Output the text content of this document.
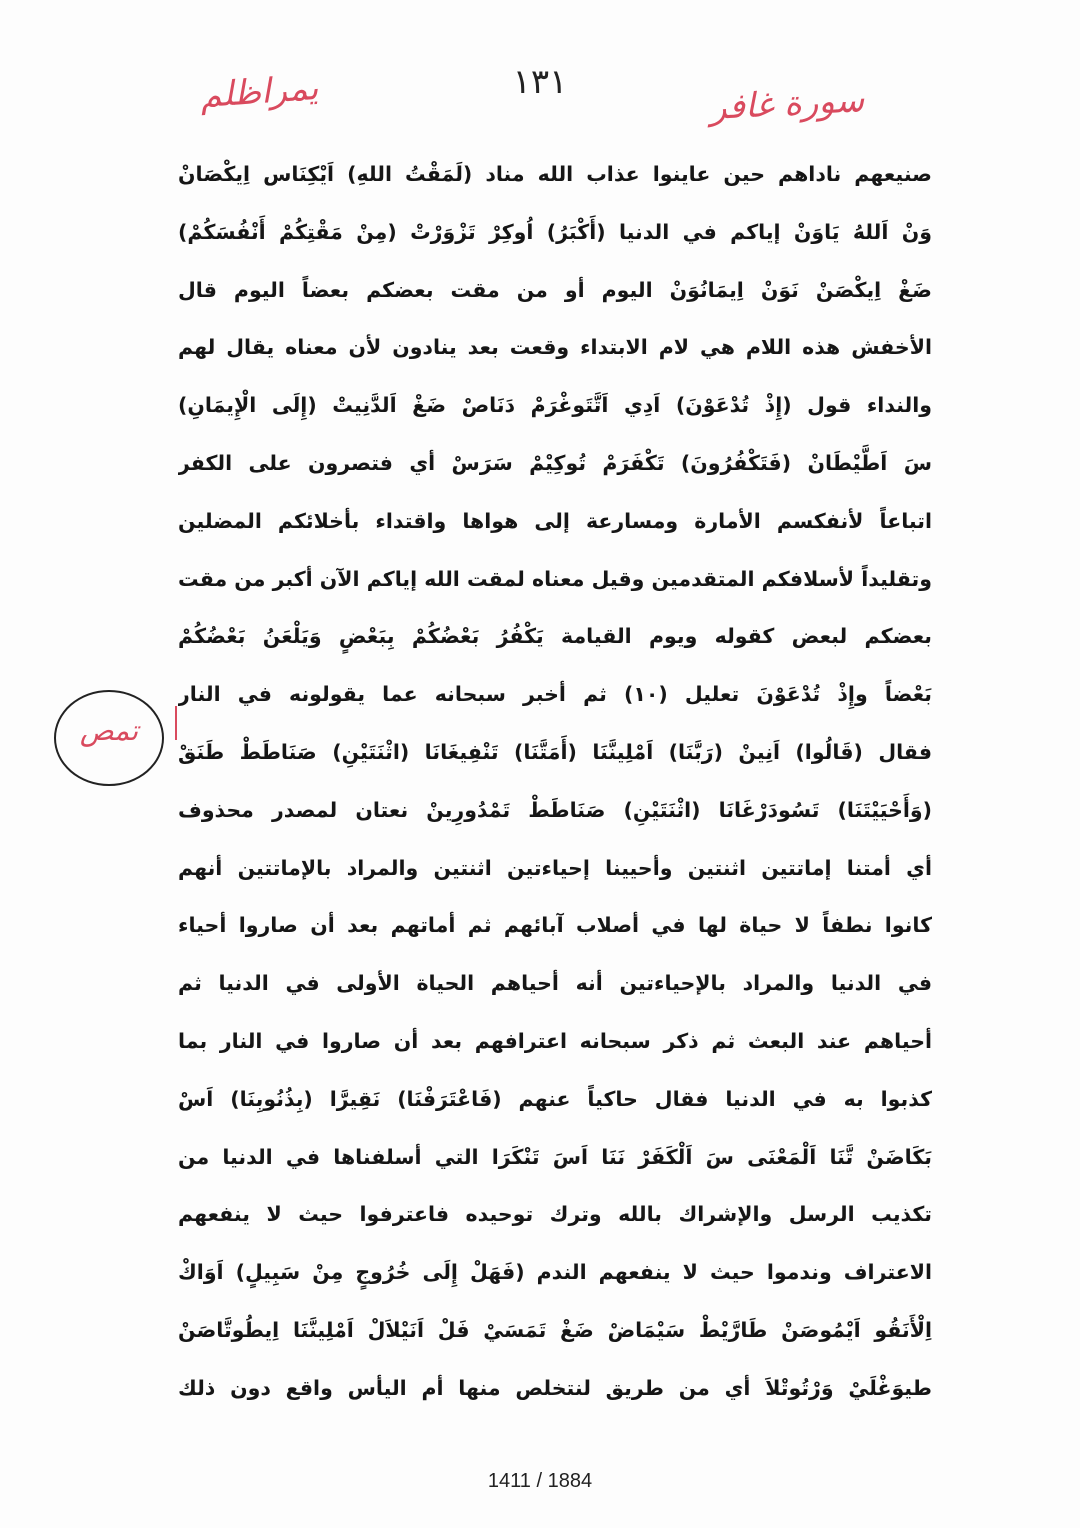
١٣١
يمراظلم	سورة غافر
تمص
صنيعهم ناداهم حين عاينوا عذاب الله مناد (لَمَقْتُ اللهِ) اَيْكِنَاس اِيكْصَانْ
وَنْ اَللهُ يَاوَنْ إياكم في الدنيا (أَكْبَرُ) اُوكِرْ تَزْوَرْتْ (مِنْ مَقْتِكُمْ أَنْفُسَكُمْ)
ضَغْ اِيكْصَنْ نَوَنْ اِيمَانُوَنْ اليوم أو من مقت بعضكم بعضاً اليوم قال
الأخفش هذه اللام هي لام الابتداء وقعت بعد ينادون لأن معناه يقال لهم
والنداء قول (إِذْ تُدْعَوْنَ) اَدِي اَتَّتَوغْرَمْ دَنَاصْ ضَغْ اَلدَّنِيتْ (إِلَى الْإِيمَانِ)
سَ اَطَّيْطَانْ (فَتَكْفُرُونَ) تَكْفَرَمْ تُوكِيْمْ سَرَسْ أي فتصرون على الكفر
اتباعاً لأنفكسم الأمارة ومسارعة إلى هواها واقتداء بأخلائكم المضلين
وتقليداً لأسلافكم المتقدمين وقيل معناه لمقت الله إياكم الآن أكبر من مقت
بعضكم لبعض كقوله ويوم القيامة يَكْفُرُ بَعْضُكُمْ بِبَعْضٍ وَيَلْعَنُ بَعْضُكُمْ
بَعْضاً وإِذْ تُدْعَوْنَ تعليل (١٠) ثم أخبر سبحانه عما يقولونه في النار
فقال (قَالُوا) اَنِينْ (رَبَّنَا) اَمْلِينَّنَا (أَمَتَّنَا) تَنْفِيغَانَا (اثْنَتَيْنِ) صَنَاطَطْ طَنَقْ
(وَأَحْيَيْتَنَا) تَسُودَرْغَانَا (اثْنَتَيْنِ) صَنَاطَطْ تَمْدُورِينْ نعتان لمصدر محذوف
أي أمتنا إماتتين اثنتين وأحيينا إحياءتين اثنتين والمراد بالإماتتين أنهم
كانوا نطفاً لا حياة لها في أصلاب آبائهم ثم أماتهم بعد أن صاروا أحياء
في الدنيا والمراد بالإحياءتين أنه أحياهم الحياة الأولى في الدنيا ثم
أحياهم عند البعث ثم ذكر سبحانه اعترافهم بعد أن صاروا في النار بما
كذبوا به في الدنيا فقال حاكياً عنهم (فَاعْتَرَفْنَا) نَقِيرَّا (بِذُنُوبِنَا) اَسْ
بَكَاضَنْ تَّنَا اَلْمَعْنَى سَ اَلْكَفَرْ نَنَا اَسَ تَنْكَرَا التي أسلفناها في الدنيا من
تكذيب الرسل والإشراك بالله وترك توحيده فاعترفوا حيث لا ينفعهم
الاعتراف وندموا حيث لا ينفعهم الندم (فَهَلْ إِلَى خُرُوجٍ مِنْ سَبِيلٍ) اَوَاكْ
اِلْأَنَقُو اَيْمُوصَنْ طَارَّيْطْ سَيْمَاضْ ضَغْ تَمَسَيْ فَلْ اَنَيْلاَلْ اَمْلِينَّنَا اِيطُوتَّاصَنْ
طيوَغْلَيْ وَرْتُوتْلاَ أي من طريق لنتخلص منها أم اليأس واقع دون ذلك
1411 / 1884
